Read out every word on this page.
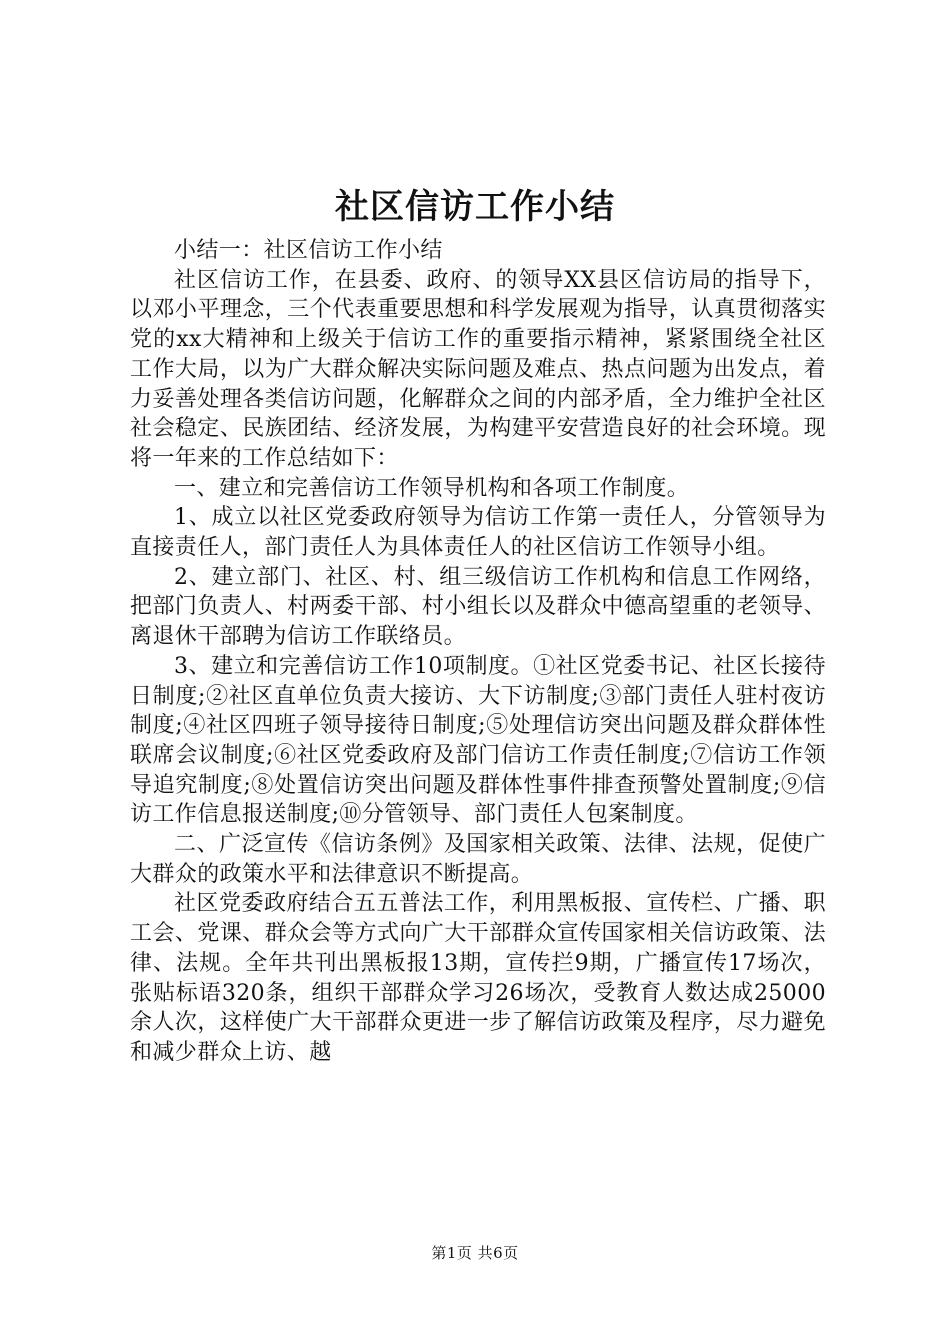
社区信访工作小结

小结一：社区信访工作小结

社区信访工作，在县委、政府、的领导XX县区信访局的指导下，以邓小平理念，三个代表重要思想和科学发展观为指导，认真贯彻落实党的xx大精神和上级关于信访工作的重要指示精神，紧紧围绕全社区工作大局，以为广大群众解决实际问题及难点、热点问题为出发点，着力妥善处理各类信访问题，化解群众之间的内部矛盾，全力维护全社区社会稳定、民族团结、经济发展，为构建平安营造良好的社会环境。现将一年来的工作总结如下：

一、建立和完善信访工作领导机构和各项工作制度。

1、成立以社区党委政府领导为信访工作第一责任人，分管领导为直接责任人，部门责任人为具体责任人的社区信访工作领导小组。

2、建立部门、社区、村、组三级信访工作机构和信息工作网络，把部门负责人、村两委干部、村小组长以及群众中德高望重的老领导、离退休干部聘为信访工作联络员。

3、建立和完善信访工作10项制度。①社区党委书记、社区长接待日制度;②社区直单位负责大接访、大下访制度;③部门责任人驻村夜访制度;④社区四班子领导接待日制度;⑤处理信访突出问题及群众群体性联席会议制度;⑥社区党委政府及部门信访工作责任制度;⑦信访工作领导追究制度;⑧处置信访突出问题及群体性事件排查预警处置制度;⑨信访工作信息报送制度;⑩分管领导、部门责任人包案制度。

二、广泛宣传《信访条例》及国家相关政策、法律、法规，促使广大群众的政策水平和法律意识不断提高。

社区党委政府结合五五普法工作，利用黑板报、宣传栏、广播、职工会、党课、群众会等方式向广大干部群众宣传国家相关信访政策、法律、法规。全年共刊出黑板报13期，宣传拦9期，广播宣传17场次，张贴标语320条，组织干部群众学习26场次，受教育人数达成25000余人次，这样使广大干部群众更进一步了解信访政策及程序，尽力避免和减少群众上访、越

第1页 共6页
